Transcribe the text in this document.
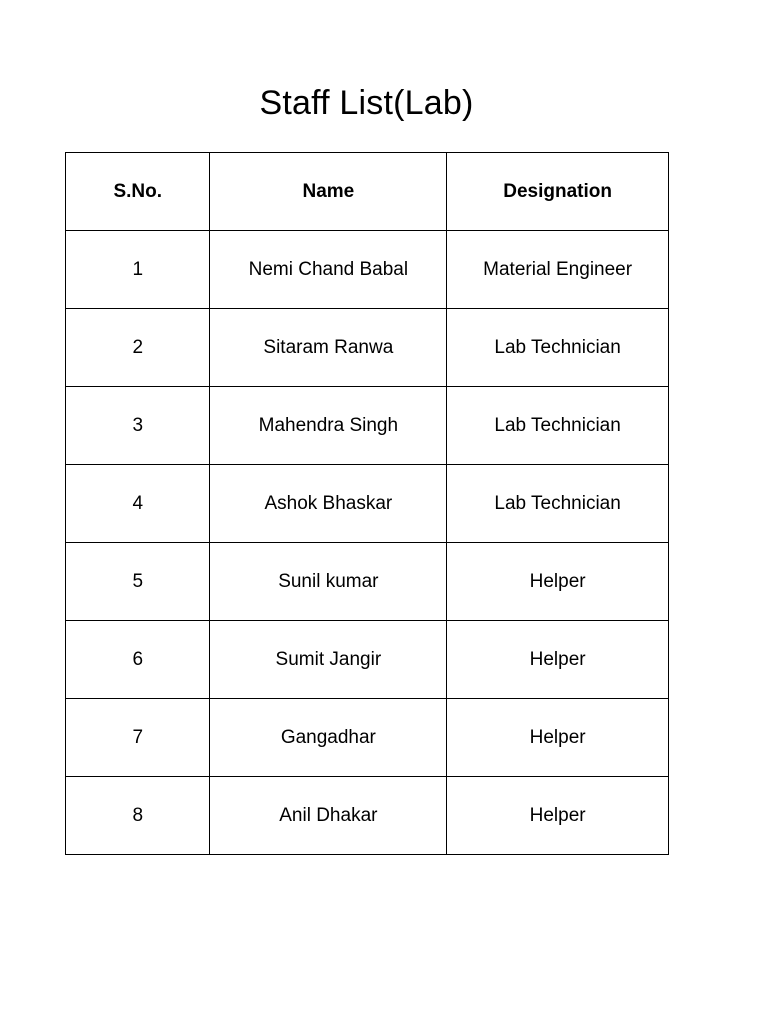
Staff List(Lab)
S.No.	Name	Designation
1	Nemi Chand Babal	Material Engineer
2	Sitaram Ranwa	Lab Technician
3	Mahendra Singh	Lab Technician
4	Ashok Bhaskar	Lab Technician
5	Sunil kumar	Helper
6	Sumit Jangir	Helper
7	Gangadhar	Helper
8	Anil Dhakar	Helper
